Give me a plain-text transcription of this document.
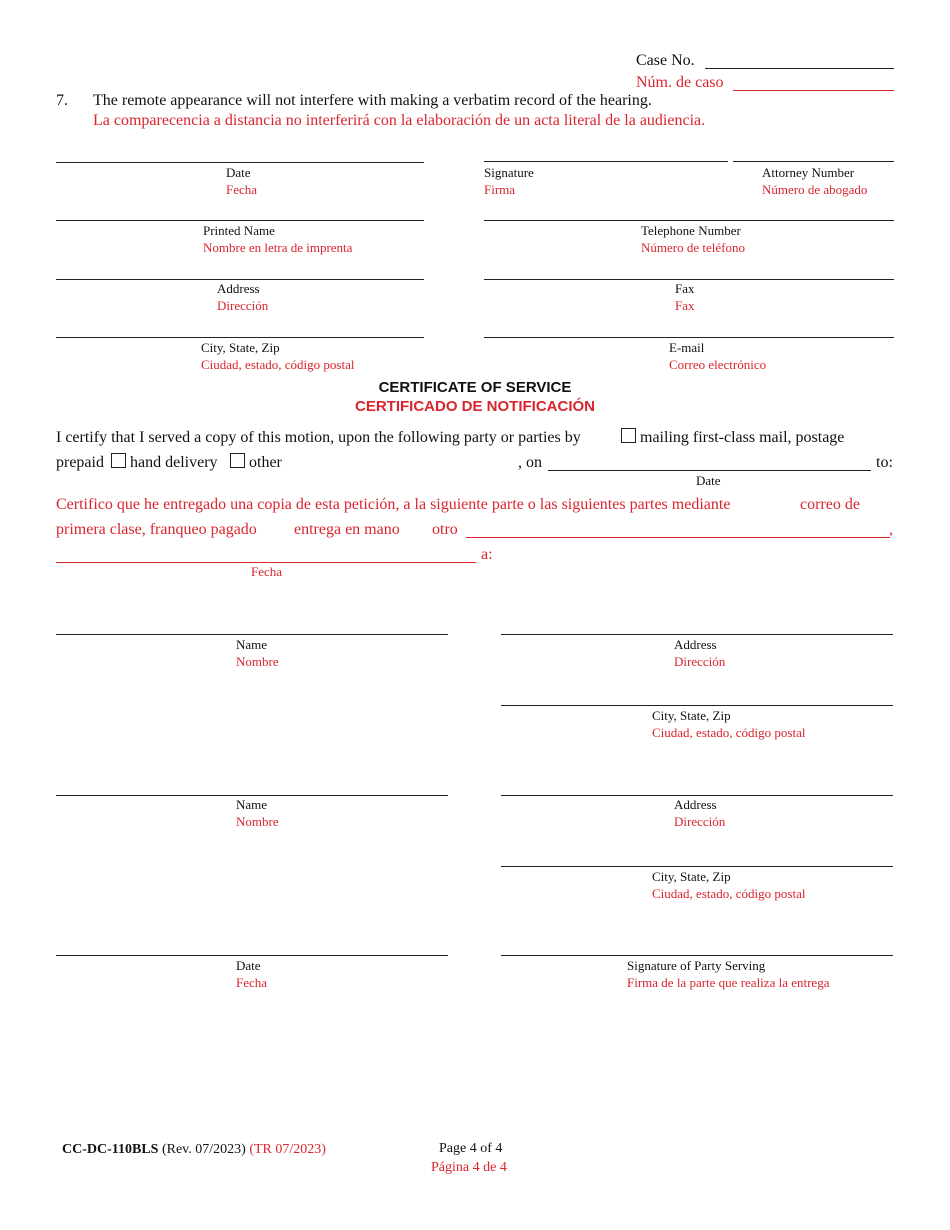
Case No.
Núm. de caso
7. The remote appearance will not interfere with making a verbatim record of the hearing.
La comparecencia a distancia no interferirá con la elaboración de un acta literal de la audiencia.
Date
Fecha
Signature
Firma
Attorney Number
Número de abogado
Printed Name
Nombre en letra de imprenta
Telephone Number
Número de teléfono
Address
Dirección
Fax
Fax
City, State, Zip
Ciudad, estado, código postal
E-mail
Correo electrónico
CERTIFICATE OF SERVICE
CERTIFICADO DE NOTIFICACIÓN
I certify that I served a copy of this motion, upon the following party or parties by	mailing first-class mail, postage
prepaid hand delivery other	, on	to:
Date
Certifico que he entregado una copia de esta petición, a la siguiente parte o las siguientes partes mediante	correo de
primera clase, franqueo pagado entrega en mano otro	,
a:
Fecha
Name
Nombre
Address
Dirección
City, State, Zip
Ciudad, estado, código postal
Name
Nombre
Address
Dirección
City, State, Zip
Ciudad, estado, código postal
Date
Fecha
Signature of Party Serving
Firma de la parte que realiza la entrega
CC-DC-110BLS (Rev. 07/2023) (TR 07/2023)	Page 4 of 4
Página 4 de 4
